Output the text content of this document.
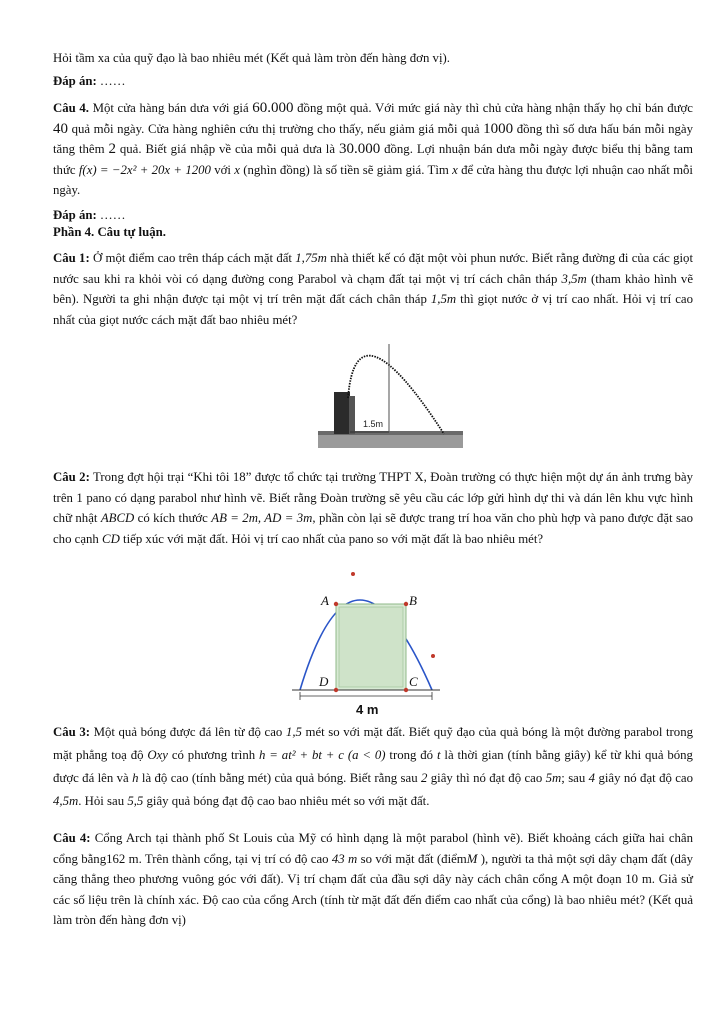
Hỏi tầm xa của quỹ đạo là bao nhiêu mét (Kết quả làm tròn đến hàng đơn vị).

Đáp án: ……

Câu 4. Một cửa hàng bán dưa với giá 60.000 đồng một quả. Với mức giá này thì chủ cửa hàng nhận thấy họ chỉ bán được 40 quả mỗi ngày. Cửa hàng nghiên cứu thị trường cho thấy, nếu giảm giá mỗi quả 1000 đồng thì số dưa hấu bán mỗi ngày tăng thêm 2 quả. Biết giá nhập về của mỗi quả dưa là 30.000 đồng. Lợi nhuận bán dưa mỗi ngày được biểu thị bằng tam thức f(x) = −2x² + 20x + 1200 với x (nghìn đồng) là số tiền sẽ giảm giá. Tìm x để cửa hàng thu được lợi nhuận cao nhất mỗi ngày.

Đáp án: ……

Phần 4. Câu tự luận.

Câu 1: Ở một điểm cao trên tháp cách mặt đất 1,75m nhà thiết kế có đặt một vòi phun nước. Biết rằng đường đi của các giọt nước sau khi ra khỏi vòi có dạng đường cong Parabol và chạm đất tại một vị trí cách chân tháp 3,5m (tham khảo hình vẽ bên). Người ta ghi nhận được tại một vị trí trên mặt đất cách chân tháp 1,5m thì giọt nước ở vị trí cao nhất. Hỏi vị trí cao nhất của giọt nước cách mặt đất bao nhiêu mét?

1.5m

Câu 2: Trong đợt hội trại “Khi tôi 18” được tổ chức tại trường THPT X, Đoàn trường có thực hiện một dự án ảnh trưng bày trên 1 pano có dạng parabol như hình vẽ. Biết rằng Đoàn trường sẽ yêu cầu các lớp gửi hình dự thi và dán lên khu vực hình chữ nhật ABCD có kích thước AB = 2m, AD = 3m, phần còn lại sẽ được trang trí hoa văn cho phù hợp và pano được đặt sao cho cạnh CD tiếp xúc với mặt đất. Hỏi vị trí cao nhất của pano so với mặt đất là bao nhiêu mét?

A	B
D	C
4 m

Câu 3: Một quả bóng được đá lên từ độ cao 1,5 mét so với mặt đất. Biết quỹ đạo của quả bóng là một đường parabol trong mặt phẳng toạ độ Oxy có phương trình h = at² + bt + c (a < 0) trong đó t là thời gian (tính bằng giây) kể từ khi quả bóng được đá lên và h là độ cao (tính bằng mét) của quả bóng. Biết rằng sau 2 giây thì nó đạt độ cao 5m; sau 4 giây nó đạt độ cao 4,5m. Hỏi sau 5,5 giây quả bóng đạt độ cao bao nhiêu mét so với mặt đất.

Câu 4: Cổng Arch tại thành phố St Louis của Mỹ có hình dạng là một parabol (hình vẽ). Biết khoảng cách giữa hai chân cổng bằng162 m. Trên thành cổng, tại vị trí có độ cao 43 m so với mặt đất (điểmM ), người ta thả một sợi dây chạm đất (dây căng thẳng theo phương vuông góc với đất). Vị trí chạm đất của đầu sợi dây này cách chân cổng A một đoạn 10 m. Giả sử các số liệu trên là chính xác. Độ cao của cổng Arch (tính từ mặt đất đến điểm cao nhất của cổng) là bao nhiêu mét? (Kết quả làm tròn đến hàng đơn vị)
